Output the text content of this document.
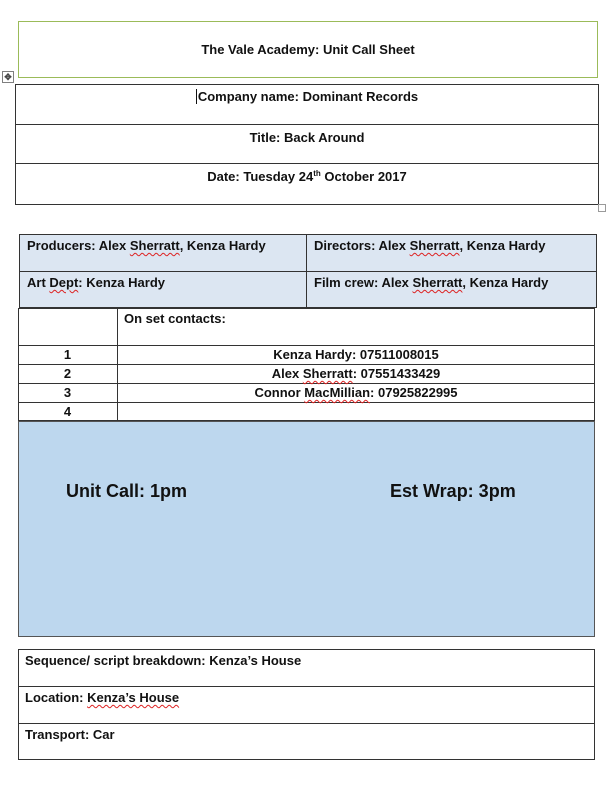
The Vale Academy: Unit Call Sheet
✥
Company name: Dominant Records
Title: Back Around
Date: Tuesday 24th October 2017
Producers: Alex Sherratt, Kenza Hardy	Directors: Alex Sherratt, Kenza Hardy
Art Dept: Kenza Hardy	Film crew: Alex Sherratt, Kenza Hardy
On set contacts:
1	Kenza Hardy: 07511008015
2	Alex Sherratt: 07551433429
3	Connor MacMillian: 07925822995
4
Unit Call: 1pm	Est Wrap: 3pm
Sequence/ script breakdown: Kenza’s House
Location: Kenza’s House
Transport: Car
